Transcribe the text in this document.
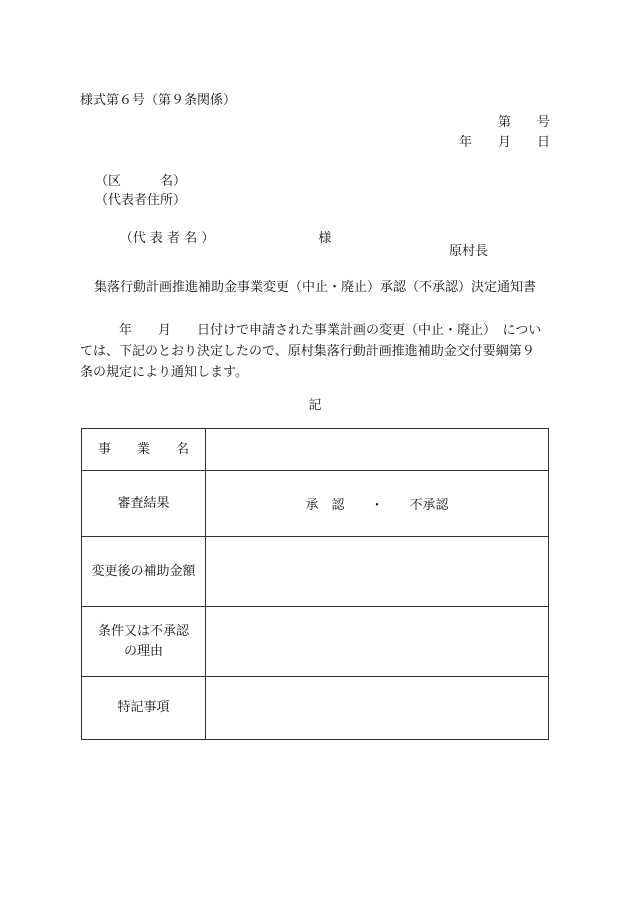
様式第６号（第９条関係）
第　　号
年　　月　　日
（区　　　名）
（代表者住所）

（代 表 者 名 ）	様

原村長
集落行動計画推進補助金事業変更（中止・廃止）承認（不承認）決定通知書
　　　年　　月　　日付けで申請された事業計画の変更（中止・廃止）　につい
ては、下記のとおり決定したので、原村集落行動計画推進補助金交付要綱第９
条の規定により通知します。
記
事　　業　　名	
審査結果	承　認　　・　　不承認
変更後の補助金額	
条件又は不承認
の理由	
特記事項	
